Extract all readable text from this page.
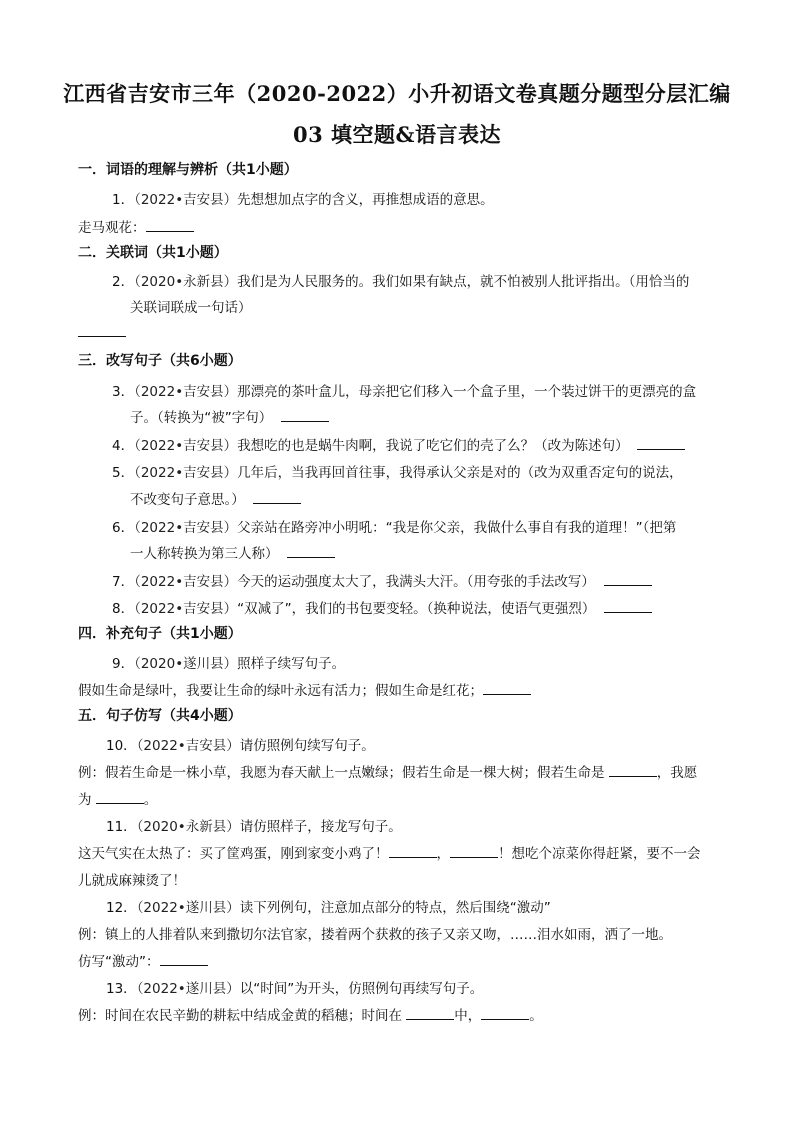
江西省吉安市三年（2020-2022）小升初语文卷真题分题型分层汇编
03 填空题&语言表达
一．词语的理解与辨析（共1小题）
1．（2022•吉安县）先想想加点字的含义，再推想成语的意思。
走马观花：
二．关联词（共1小题）
2．（2020•永新县）我们是为人民服务的。我们如果有缺点，就不怕被别人批评指出。（用恰当的
关联词联成一句话）
三．改写句子（共6小题）
3．（2022•吉安县）那漂亮的茶叶盒儿，母亲把它们移入一个盒子里，一个装过饼干的更漂亮的盒
子。（转换为“被”字句）
4．（2022•吉安县）我想吃的也是蜗牛肉啊，我说了吃它们的壳了么？（改为陈述句）
5．（2022•吉安县）几年后，当我再回首往事，我得承认父亲是对的（改为双重否定句的说法，
不改变句子意思。）
6．（2022•吉安县）父亲站在路旁冲小明吼：“我是你父亲，我做什么事自有我的道理！”（把第
一人称转换为第三人称）
7．（2022•吉安县）今天的运动强度太大了，我满头大汗。（用夸张的手法改写）
8．（2022•吉安县）“双减了”，我们的书包要变轻。（换种说法，使语气更强烈）
四．补充句子（共1小题）
9．（2020•遂川县）照样子续写句子。
假如生命是绿叶，我要让生命的绿叶永远有活力；假如生命是红花；
五．句子仿写（共4小题）
10．（2022•吉安县）请仿照例句续写句子。
例：假若生命是一株小草，我愿为春天献上一点嫩绿；假若生命是一棵大树；假若生命是	，我愿
为	。
11．（2020•永新县）请仿照样子，接龙写句子。
这天气实在太热了：买了筐鸡蛋，刚到家变小鸡了！	，	！想吃个凉菜你得赶紧，要不一会
儿就成麻辣烫了！
12．（2022•遂川县）读下列例句，注意加点部分的特点，然后围绕“激动”
例：镇上的人排着队来到撒切尔法官家，搂着两个获救的孩子又亲又吻，……泪水如雨，洒了一地。
仿写“激动”：
13．（2022•遂川县）以“时间”为开头，仿照例句再续写句子。
例：时间在农民辛勤的耕耘中结成金黄的稻穗；时间在	中，	。
